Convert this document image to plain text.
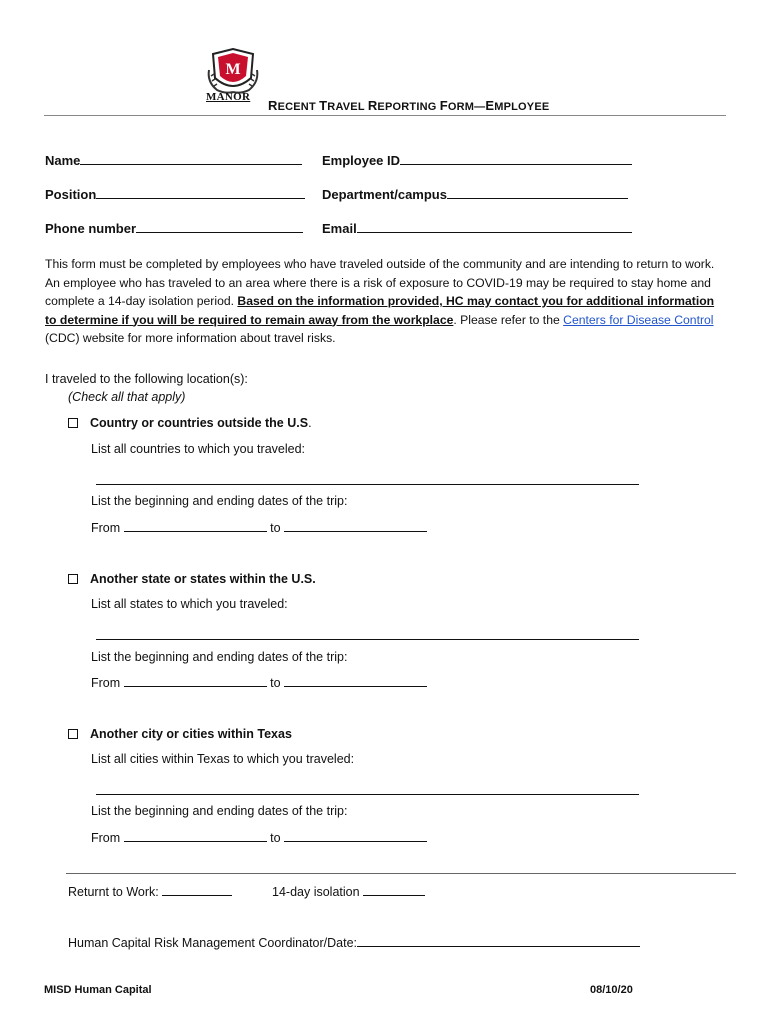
M
MANOR
RECENT TRAVEL REPORTING FORM—EMPLOYEE
Name	Employee ID
Position	Department/campus
Phone number	Email
This form must be completed by employees who have traveled outside of the community and are intending to return to work. An employee who has traveled to an area where there is a risk of exposure to COVID-19 may be required to stay home and complete a 14-day isolation period. Based on the information provided, HC may contact you for additional information to determine if you will be required to remain away from the workplace. Please refer to the Centers for Disease Control (CDC) website for more information about travel risks.
I traveled to the following location(s):
(Check all that apply)
Country or countries outside the U.S.
List all countries to which you traveled:
List the beginning and ending dates of the trip:
From	to
Another state or states within the U.S.
List all states to which you traveled:
List the beginning and ending dates of the trip:
From	to
Another city or cities within Texas
List all cities within Texas to which you traveled:
List the beginning and ending dates of the trip:
From	to
Returnt to Work:	14-day isolation
Human Capital Risk Management Coordinator/Date:
MISD Human Capital	08/10/20
